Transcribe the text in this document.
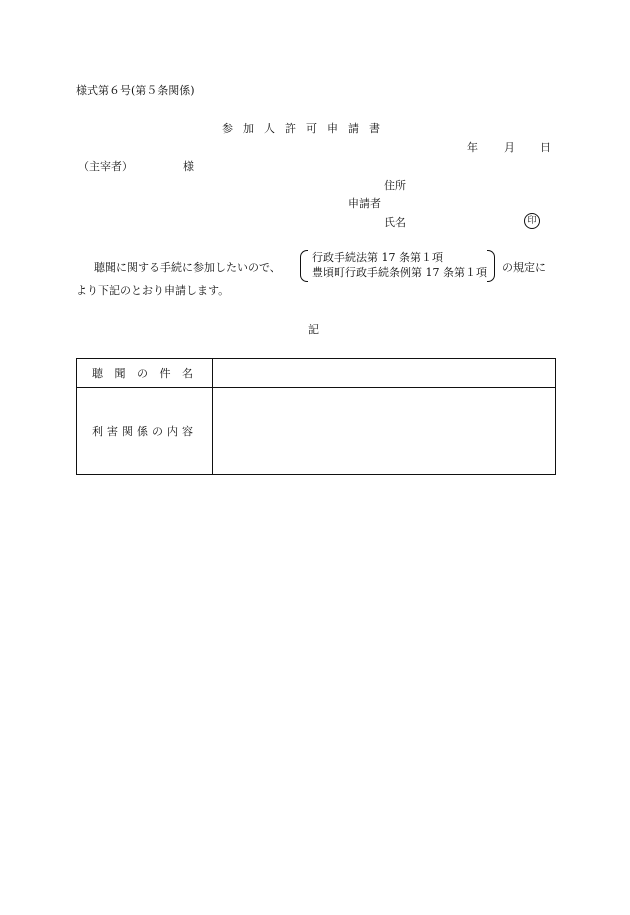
様式第６号(第５条関係)
参加人許可申請書
年 月 日
（主宰者）	様
住所
申請者
氏名	印
聴聞に関する手続に参加したいので、
行政手続法第 17 条第１項
豊頃町行政手続条例第 17 条第１項 の規定に
より下記のとおり申請します。
記
聴 聞 の 件 名	
利害関係の内容	
